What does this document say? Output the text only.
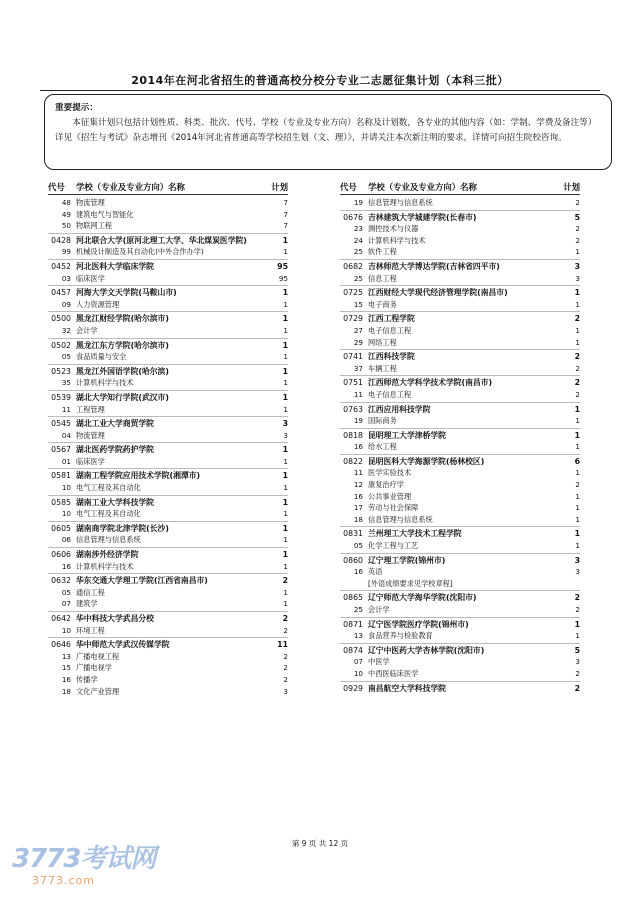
2014年在河北省招生的普通高校分校分专业二志愿征集计划（本科三批）
重要提示：
本征集计划只包括计划性质、科类、批次、代号、学校（专业及专业方向）名称及计划数，各专业的其他内容（如：学制、学费及备注等）详见《招生与考试》杂志增刊《2014年河北省普通高等学校招生划（文、理）》，并请关注本次新注明的要求，详情可向招生院校咨询。
代号	学校（专业及专业方向）名称	计划
48 物流管理	7
49 建筑电气与智能化	7
50 物联网工程	7
0428 河北联合大学(原河北理工大学、华北煤炭医学院)	1
99 机械设计制造及其自动化(中外合作办学)	1
0452 河北医科大学临床学院	95
03 临床医学	95
0457 河海大学文天学院(马鞍山市)	1
09 人力资源管理	1
0500 黑龙江财经学院(哈尔滨市)	1
32 会计学	1
0502 黑龙江东方学院(哈尔滨市)	1
05 食品质量与安全	1
0523 黑龙江外国语学院(哈尔滨)	1
35 计算机科学与技术	1
0539 湖北大学知行学院(武汉市)	1
11 工程管理	1
0545 湖北工业大学商贸学院	3
04 物流管理	3
0567 湖北医药学院药护学院	1
01 临床医学	1
0581 湖南工程学院应用技术学院(湘潭市)	1
10 电气工程及其自动化	1
0585 湖南工业大学科技学院	1
10 电气工程及其自动化	1
0605 湖南商学院北津学院(长沙)	1
06 信息管理与信息系统	1
0606 湖南涉外经济学院	1
16 计算机科学与技术	1
0632 华东交通大学理工学院(江西省南昌市)	2
05 通信工程	1
07 建筑学	1
0642 华中科技大学武昌分校	2
10 环境工程	2
0646 华中师范大学武汉传媒学院	11
13 广播电视工程	2
15 广播电视学	2
16 传播学	2
18 文化产业管理	3
代号	学校（专业及专业方向）名称	计划
19 信息管理与信息系统	2
0676 吉林建筑大学城建学院(长春市)	5
23 测控技术与仪器	2
24 计算机科学与技术	2
25 软件工程	1
0682 吉林师范大学博达学院(吉林省四平市)	3
25 信息工程	3
0725 江西财经大学现代经济管理学院(南昌市)	1
15 电子商务	1
0729 江西工程学院	2
27 电子信息工程	1
29 网络工程	1
0741 江西科技学院	2
37 车辆工程	2
0751 江西师范大学科学技术学院(南昌市)	2
11 电子信息工程	2
0763 江西应用科技学院	1
19 国际商务	1
0818 昆明理工大学津桥学院	1
16 给水工程	1
0822 昆明医科大学海源学院(杨林校区)	6
11 医学实验技术	1
12 康复治疗学	2
16 公共事业管理	1
17 劳动与社会保障	1
18 信息管理与信息系统	1
0831 兰州理工大学技术工程学院	1
05 化学工程与工艺	1
0860 辽宁理工学院(锦州市)	3
16 英语	3
[外语成绩要求见学校章程]
0865 辽宁师范大学海华学院(沈阳市)	2
25 会计学	2
0871 辽宁医学院医疗学院(锦州市)	1
13 食品营养与检验教育	1
0874 辽宁中医药大学杏林学院(沈阳市)	5
07 中医学	3
10 中西医临床医学	2
0929 南昌航空大学科技学院	2
第 9 页 共 12 页
3773考试网
3773.com
